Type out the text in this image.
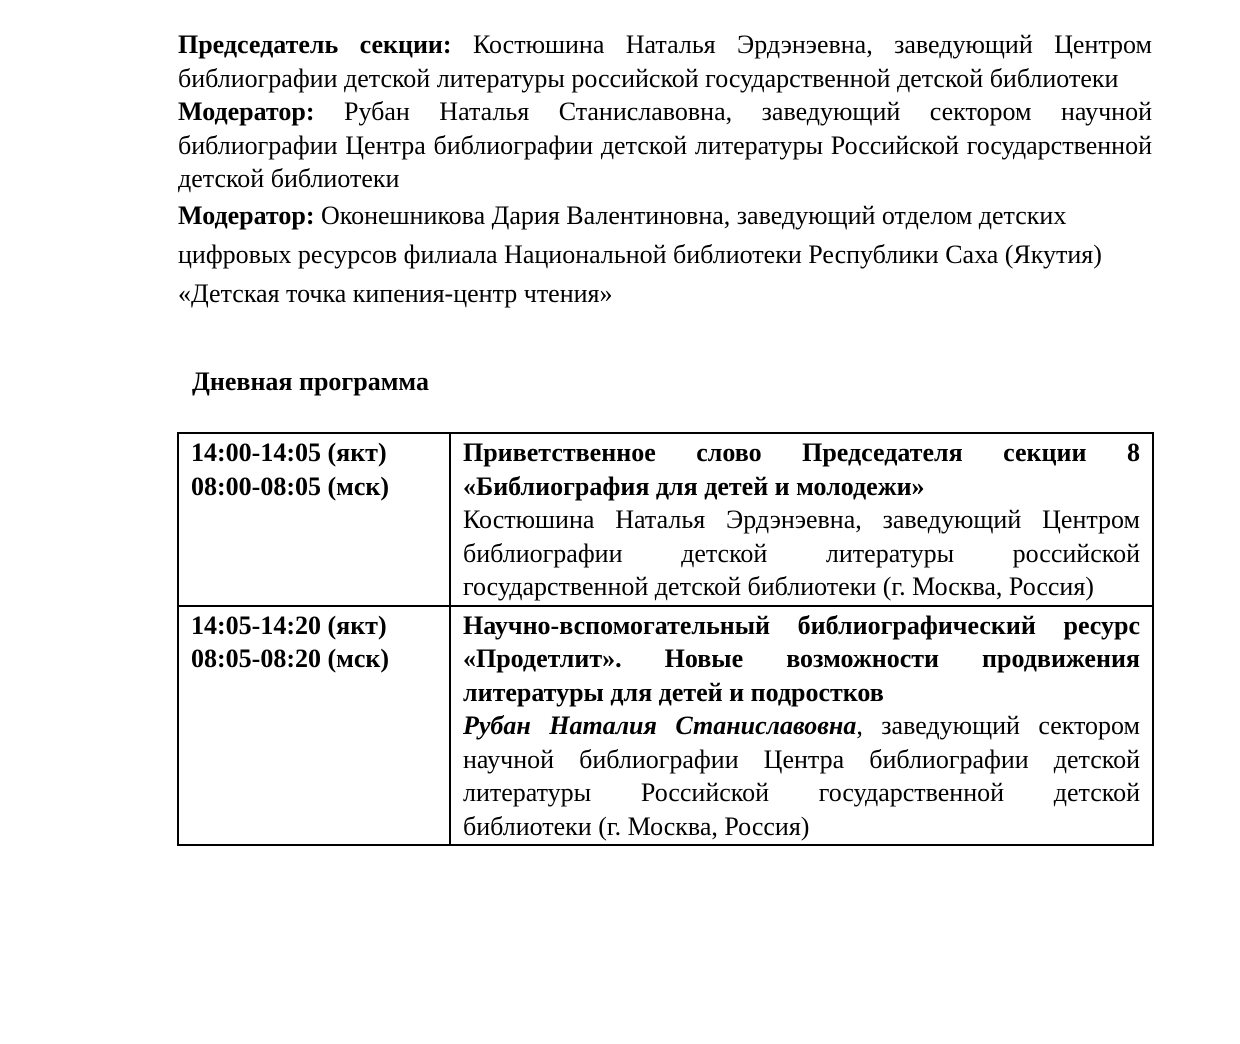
Председатель секции: Костюшина Наталья Эрдэнэевна, заведующий Центром библиографии детской литературы российской государственной детской библиотеки

Модератор: Рубан Наталья Станиславовна, заведующий сектором научной библиографии Центра библиографии детской литературы Российской государственной детской библиотеки

Модератор: Оконешникова Дария Валентиновна, заведующий отделом детских цифровых ресурсов филиала Национальной библиотеки Республики Саха (Якутия) «Детская точка кипения-центр чтения»

Дневная программа
14:00-14:05 (якт)
08:00-08:05 (мск)	Приветственное слово Председателя секции 8 «Библиография для детей и молодежи»
Костюшина Наталья Эрдэнэевна, заведующий Центром библиографии детской литературы российской государственной детской библиотеки (г. Москва, Россия)

14:05-14:20 (якт)
08:05-08:20 (мск)	Научно-вспомогательный библиографический ресурс «Продетлит». Новые возможности продвижения литературы для детей и подростков
Рубан Наталия Станиславовна, заведующий сектором научной библиографии Центра библиографии детской литературы Российской государственной детской библиотеки (г. Москва, Россия)
